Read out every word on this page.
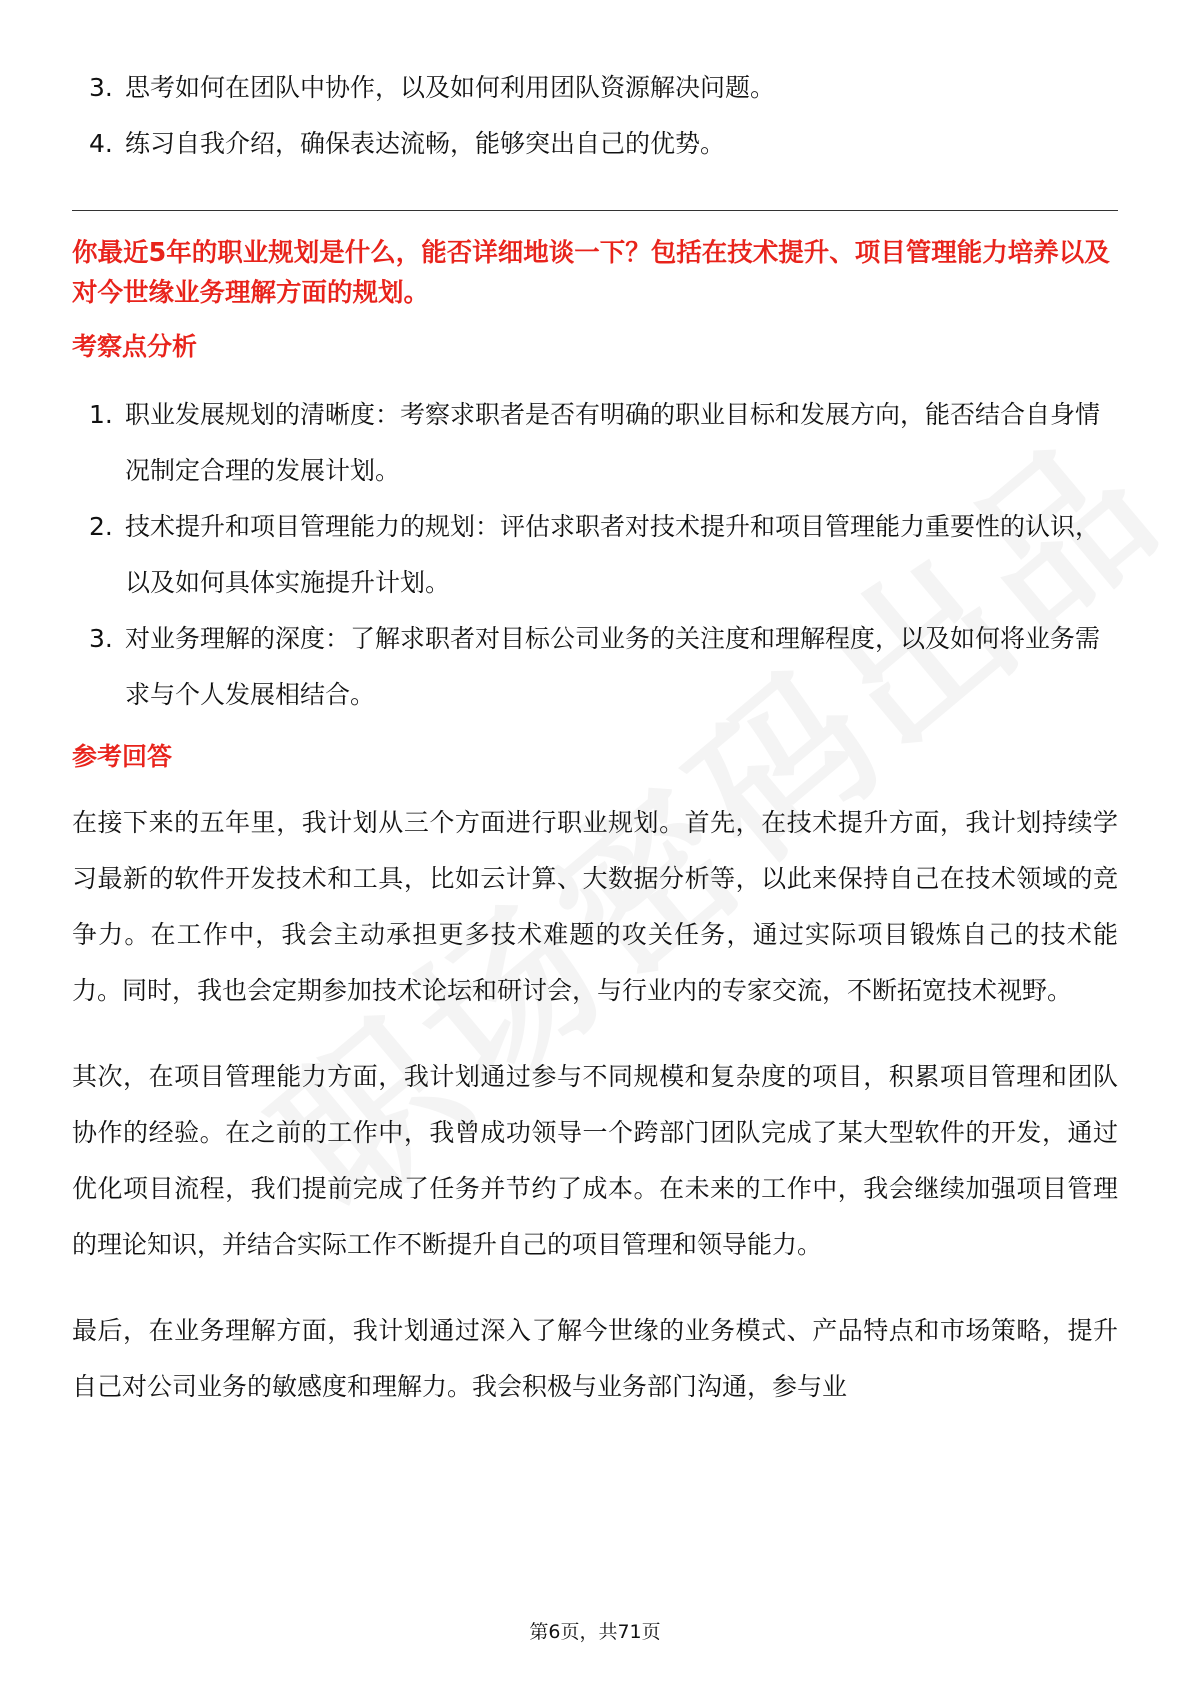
3. 思考如何在团队中协作，以及如何利用团队资源解决问题。
4. 练习自我介绍，确保表达流畅，能够突出自己的优势。
你最近5年的职业规划是什么，能否详细地谈一下？包括在技术提升、项目管理能力培养以及对今世缘业务理解方面的规划。
考察点分析
1. 职业发展规划的清晰度：考察求职者是否有明确的职业目标和发展方向，能否结合自身情况制定合理的发展计划。
2. 技术提升和项目管理能力的规划：评估求职者对技术提升和项目管理能力重要性的认识，以及如何具体实施提升计划。
3. 对业务理解的深度：了解求职者对目标公司业务的关注度和理解程度，以及如何将业务需求与个人发展相结合。
参考回答

在接下来的五年里，我计划从三个方面进行职业规划。首先，在技术提升方面，我计划持续学习最新的软件开发技术和工具，比如云计算、大数据分析等，以此来保持自己在技术领域的竞争力。在工作中，我会主动承担更多技术难题的攻关任务，通过实际项目锻炼自己的技术能力。同时，我也会定期参加技术论坛和研讨会，与行业内的专家交流，不断拓宽技术视野。

其次，在项目管理能力方面，我计划通过参与不同规模和复杂度的项目，积累项目管理和团队协作的经验。在之前的工作中，我曾成功领导一个跨部门团队完成了某大型软件的开发，通过优化项目流程，我们提前完成了任务并节约了成本。在未来的工作中，我会继续加强项目管理的理论知识，并结合实际工作不断提升自己的项目管理和领导能力。

最后，在业务理解方面，我计划通过深入了解今世缘的业务模式、产品特点和市场策略，提升自己对公司业务的敏感度和理解力。我会积极与业务部门沟通，参与业

第6页，共71页
